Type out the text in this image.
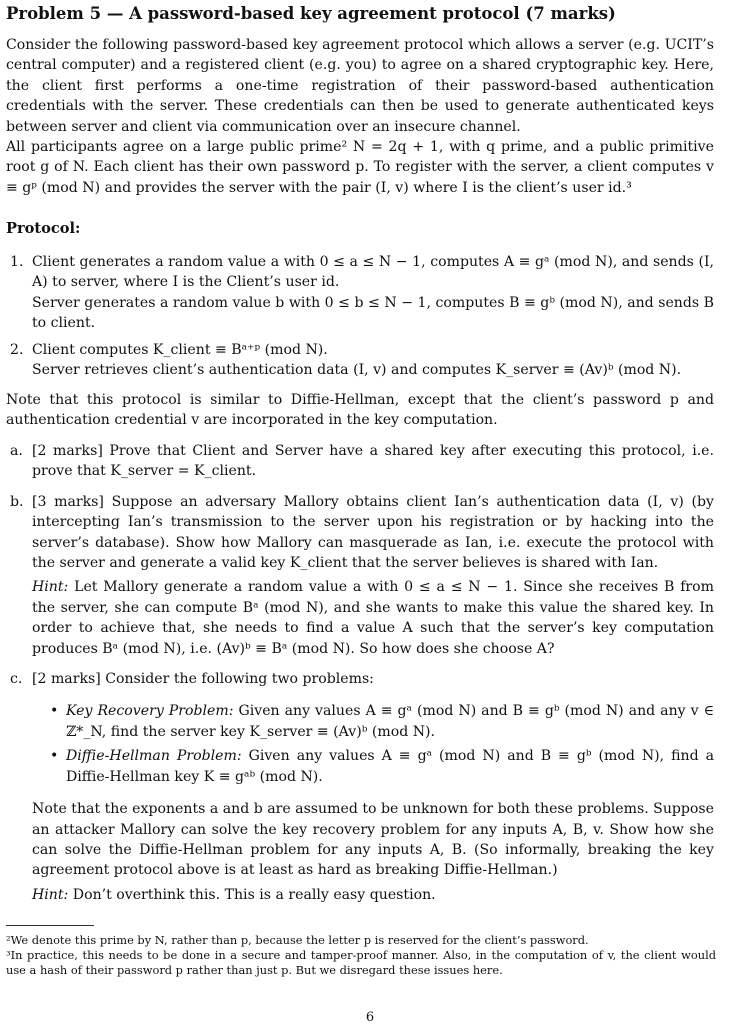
Problem 5 — A password-based key agreement protocol (7 marks)

Consider the following password-based key agreement protocol which allows a server (e.g. UCIT’s central computer) and a registered client (e.g. you) to agree on a shared cryptographic key. Here, the client first performs a one-time registration of their password-based authentication credentials with the server. These credentials can then be used to generate authenticated keys between server and client via communication over an insecure channel.

All participants agree on a large public prime² N = 2q + 1, with q prime, and a public primitive root g of N. Each client has their own password p. To register with the server, a client computes v ≡ gᵖ (mod N) and provides the server with the pair (I, v) where I is the client’s user id.³

Protocol:
1. Client generates a random value a with 0 ≤ a ≤ N − 1, computes A ≡ gᵃ (mod N), and sends (I, A) to server, where I is the Client’s user id.

Server generates a random value b with 0 ≤ b ≤ N − 1, computes B ≡ gᵇ (mod N), and sends B to client.

2. Client computes K_client ≡ Bᵃ⁺ᵖ (mod N).

Server retrieves client’s authentication data (I, v) and computes K_server ≡ (Av)ᵇ (mod N).

Note that this protocol is similar to Diffie-Hellman, except that the client’s password p and authentication credential v are incorporated in the key computation.
a. [2 marks] Prove that Client and Server have a shared key after executing this protocol, i.e. prove that K_server = K_client.

b. [3 marks] Suppose an adversary Mallory obtains client Ian’s authentication data (I, v) (by intercepting Ian’s transmission to the server upon his registration or by hacking into the server’s database). Show how Mallory can masquerade as Ian, i.e. execute the protocol with the server and generate a valid key K_client that the server believes is shared with Ian.

Hint: Let Mallory generate a random value a with 0 ≤ a ≤ N − 1. Since she receives B from the server, she can compute Bᵃ (mod N), and she wants to make this value the shared key. In order to achieve that, she needs to find a value A such that the server’s key computation produces Bᵃ (mod N), i.e. (Av)ᵇ ≡ Bᵃ (mod N). So how does she choose A?

c. [2 marks] Consider the following two problems:

• Key Recovery Problem: Given any values A ≡ gᵃ (mod N) and B ≡ gᵇ (mod N) and any v ∈ ℤ*_N, find the server key K_server ≡ (Av)ᵇ (mod N).
• Diffie-Hellman Problem: Given any values A ≡ gᵃ (mod N) and B ≡ gᵇ (mod N), find a Diffie-Hellman key K ≡ gᵃᵇ (mod N).

Note that the exponents a and b are assumed to be unknown for both these problems. Suppose an attacker Mallory can solve the key recovery problem for any inputs A, B, v. Show how she can solve the Diffie-Hellman problem for any inputs A, B. (So informally, breaking the key agreement protocol above is at least as hard as breaking Diffie-Hellman.)

Hint: Don’t overthink this. This is a really easy question.

²We denote this prime by N, rather than p, because the letter p is reserved for the client’s password.

³In practice, this needs to be done in a secure and tamper-proof manner. Also, in the computation of v, the client would use a hash of their password p rather than just p. But we disregard these issues here.

6
